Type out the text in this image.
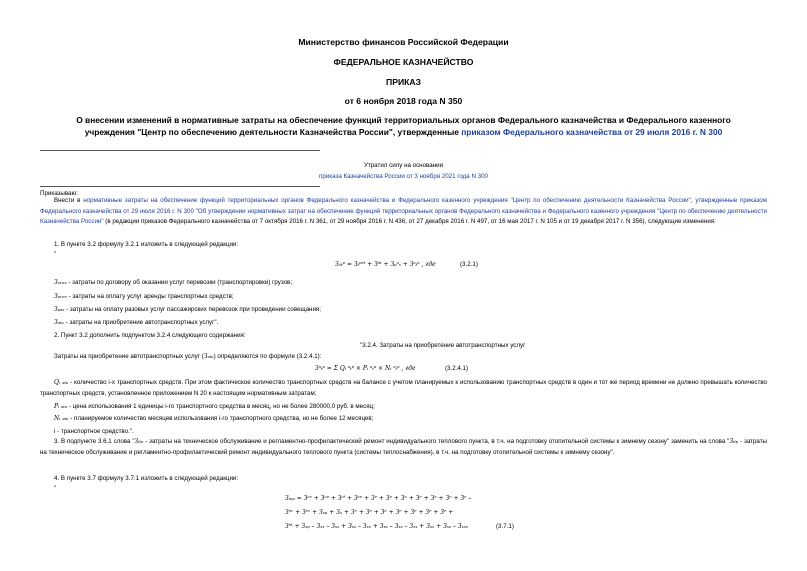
Министерство финансов Российской Федерации
ФЕДЕРАЛЬНОЕ КАЗНАЧЕЙСТВО
ПРИКАЗ
от 6 ноября 2018 года N 350
О внесении изменений в нормативные затраты на обеспечение функций территориальных органов Федерального казначейства и Федерального казенного
учреждения "Центр по обеспечению деятельности Казначейства России", утвержденные приказом Федерального казначейства от 29 июля 2016 г. N 300
Утратил силу на основании
приказа Казначейства России от 3 ноября 2021 года N 300
Приказываю:
Внести в нормативные затраты на обеспечение функций территориальных органов Федерального казначейства и Федерального казенного учреждения "Центр по обеспечению деятельности Казначейства России", утвержденные приказом Федерального казначейства от 29 июля 2016 г. N 300 "Об утверждении нормативных затрат на обеспечение функций территориальных органов Федерального казначейства и Федерального казенного учреждения "Центр по обеспечению деятельности Казначейства России" (в редакции приказов Федерального казначейства от 7 октября 2016 г. N 361, от 29 ноября 2016 г. N 436, от 27 декабря 2016 г. N 497, от 16 мая 2017 г. N 105 и от 19 декабря 2017 г. N 356), следующие изменения:
1. В пункте 3.2 формулу 3.2.1 изложить в следующей редакции:
"
З₀ₜᵖ = Зₜᵖᵉᵗ + Зᵃᵗ + Зₚᵃₛ + Зᵃₜᵖ , где	(3.2.1)
Зₑᵣᵤₓ - затраты по договору об оказании услуг перевозки (транспортировки) грузов;
Зₐᵣₑₙ - затраты на оплату услуг аренды транспортных средств;
Зₚₐₛ - затраты на оплату разовых услуг пассажирских перевозок при проведении совещания;
Зₐₜᵤ - затраты на приобретение автотранспортных услуг".
2. Пункт 3.2 дополнить подпунктом 3.2.4 следующего содержания:
"3.2.4. Затраты на приобретение автотранспортных услуг
Затраты на приобретение автотранспортных услуг (Зₐₜᵤ) определяются по формуле (3.2.4.1):
Зᵃₜᵖ = Σ Qᵢ ᵃₜᵖ × Pᵢ ᵃₜᵖ × Nᵢ ᵃₜᵖ , где	(3.2.4.1)
Qᵢ ₐₜᵤ - количество i-х транспортных средств. При этом фактическое количество транспортных средств на балансе с учетом планируемых к использованию транспортных средств в один и тот же период времени не должно превышать количество транспортных средств, установленное приложением N 20 к настоящим нормативным затратам;
Pᵢ ₐₜᵤ - цена использования 1 единицы i-го транспортного средства в месяц, но не более 280000,0 руб. в месяц;
Nᵢ ₐₜᵤ - планируемое количество месяцев использования i-го транспортного средства, но не более 12 месяцев;
i - транспортное средство.".
3. В подпункте 3.6.1 слова "Зᵢₜₚ - затраты на техническое обслуживание и регламентно-профилактический ремонт индивидуального теплового пункта, в т.ч. на подготовку отопительной системы к зимнему сезону" заменить на слова "Зᵢₜₚ - затраты на техническое обслуживание и регламентно-профилактический ремонт индивидуального теплового пункта (системы теплоснабжения), в т.ч. на подготовку отопительной системы к зимнему сезону".
4. В пункте 3.7 формулу 3.7.1 изложить в следующей редакции:
"
Зₘₚ = Зᶜᵉ + Зᶜᵖ + Зᶜᵗ + Зᶜᵉ + Зᵉ + Зᵉ + Зᵉ + Зᵉ + Зᵉ + Зᵉ + Зᵉ –
Зᵉᶜ + Зᵉᶜ + Зₓₚ + Зₓ + Зᵉ + Зᵉ + Зᵉ + Зᵉ + Зᵉ + Зᵉ + Зᵉ +
Зᵉᵗ + Зₓₚ – Зₓₓ – Зₓₓ + Зₓₓ – Зₓₓ + Зₓₓ – Зₓₓ – Зₓₓ + Зₓₓ + Зₓₓ – Зₓₓₓ	(3.7.1)
